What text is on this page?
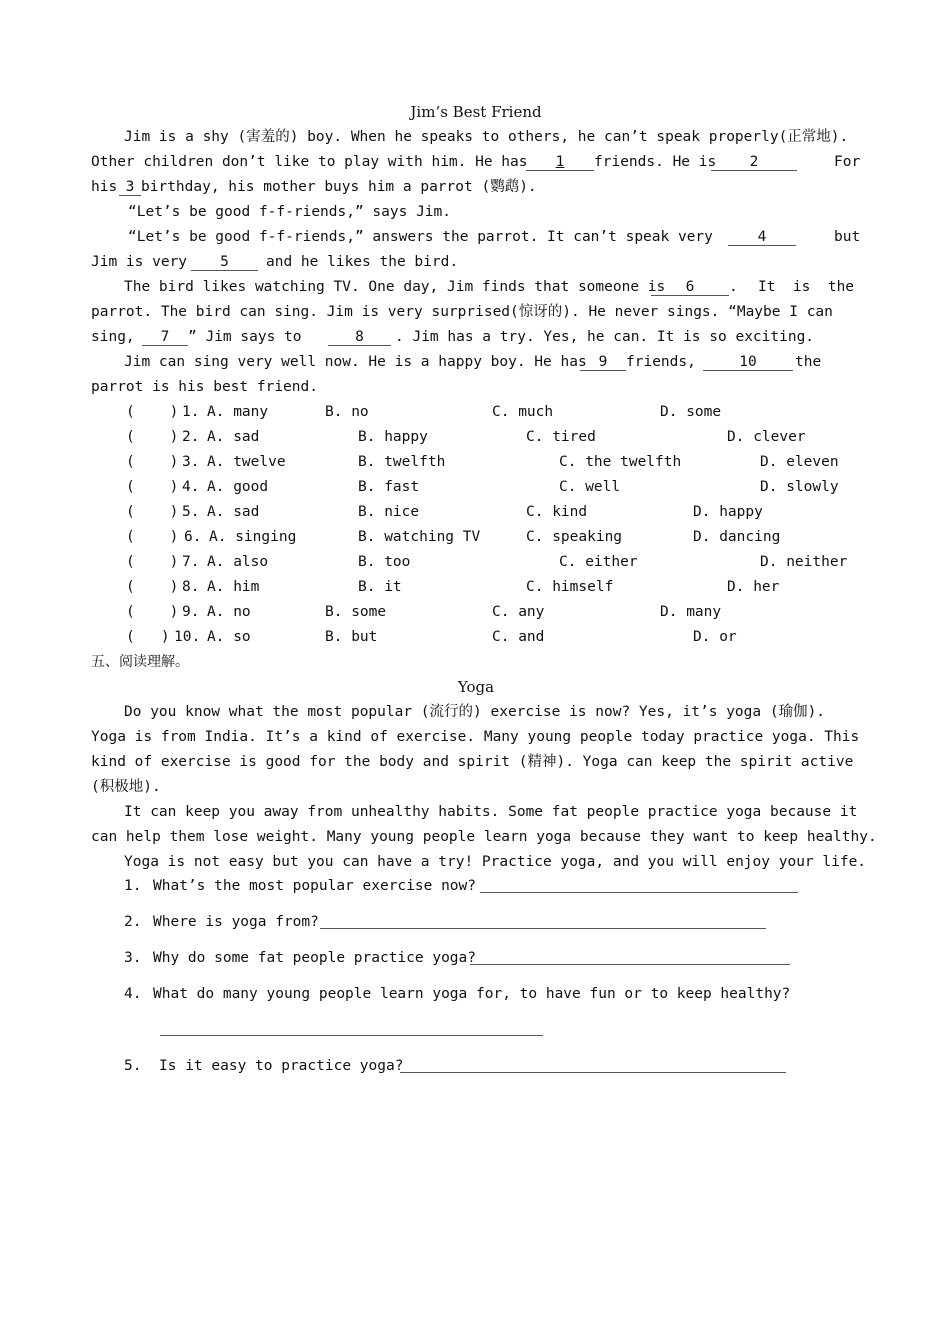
Jim’s Best Friend
Jim is a shy (害羞的) boy. When he speaks to others, he can’t speak properly(正常地).
Other children don’t like to play with him. He has	1	friends. He is	2	For
his 3 birthday, his mother buys him a parrot (鹦鹉).
“Let’s be good f-f-riends,” says Jim.
“Let’s be good f-f-riends,” answers the parrot. It can’t speak very	4	but
Jim is very	5	and he likes the bird.
The bird likes watching TV. One day, Jim finds that someone is	6	. It  is  the
parrot. The bird can sing. Jim is very surprised(惊讶的). He never sings. “Maybe I can
sing,	7	” Jim says to	8	. Jim has a try. Yes, he can. It is so exciting.
Jim can sing very well now. He is a happy boy. He has 9	friends,	10	the
parrot is his best friend.
(    ) 1. A. many	B. no	C. much	D. some
(    ) 2. A. sad	B. happy	C. tired	D. clever
(    ) 3. A. twelve	B. twelfth	C. the twelfth	D. eleven
(    ) 4. A. good	B. fast	C. well	D. slowly
(    ) 5. A. sad	B. nice	C. kind	D. happy
(    ) 6. A. singing	B. watching TV	C. speaking	D. dancing
(    ) 7. A. also	B. too	C. either	D. neither
(    ) 8. A. him	B. it	C. himself	D. her
(    ) 9. A. no	B. some	C. any	D. many
(   ) 10. A. so	B. but	C. and	D. or
五、阅读理解。
Yoga
Do you know what the most popular (流行的) exercise is now? Yes, it’s yoga (瑜伽).
Yoga is from India. It’s a kind of exercise. Many young people today practice yoga. This
kind of exercise is good for the body and spirit (精神). Yoga can keep the spirit active
(积极地).
It can keep you away from unhealthy habits. Some fat people practice yoga because it
can help them lose weight. Many young people learn yoga because they want to keep healthy.
Yoga is not easy but you can have a try! Practice yoga, and you will enjoy your life.
1. What’s the most popular exercise now?
2. Where is yoga from?
3. Why do some fat people practice yoga?
4. What do many young people learn yoga for, to have fun or to keep healthy?
5. Is it easy to practice yoga?
